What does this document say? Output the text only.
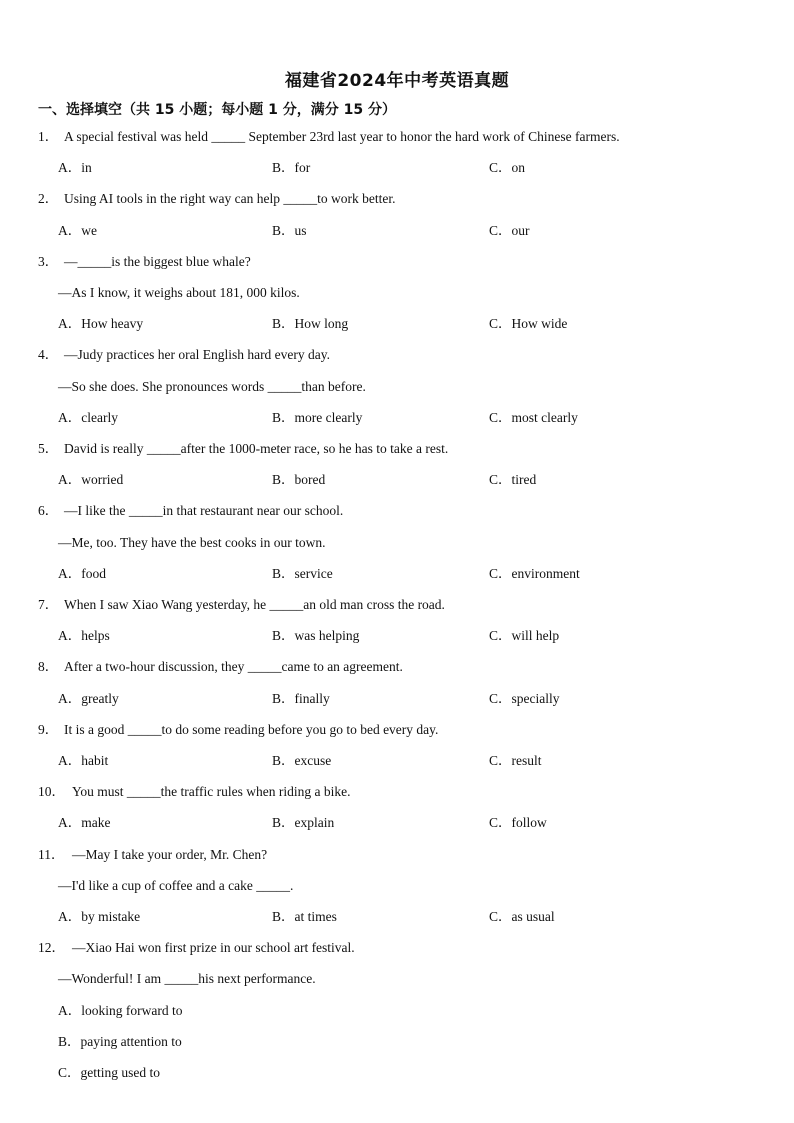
福建省2024年中考英语真题
一、选择填空（共 15 小题；每小题 1 分，满分 15 分）
1． A special festival was held _____ September 23rd last year to honor the hard work of Chinese farmers.
A．in	B．for	C．on
2． Using AI tools in the right way can help _____to work better.
A．we	B．us	C．our
3． —_____is the biggest blue whale?
—As I know, it weighs about 181, 000 kilos.
A．How heavy	B．How long	C．How wide
4． —Judy practices her oral English hard every day.
—So she does. She pronounces words _____than before.
A．clearly	B．more clearly	C．most clearly
5． David is really _____after the 1000-meter race, so he has to take a rest.
A．worried	B．bored	C．tired
6． —I like the _____in that restaurant near our school.
—Me, too. They have the best cooks in our town.
A．food	B．service	C．environment
7． When I saw Xiao Wang yesterday, he _____an old man cross the road.
A．helps	B．was helping	C．will help
8． After a two-hour discussion, they _____came to an agreement.
A．greatly	B．finally	C．specially
9． It is a good _____to do some reading before you go to bed every day.
A．habit	B．excuse	C．result
10． You must _____the traffic rules when riding a bike.
A．make	B．explain	C．follow
11． —May I take your order, Mr. Chen?
—I'd like a cup of coffee and a cake _____.
A．by mistake	B．at times	C．as usual
12． —Xiao Hai won first prize in our school art festival.
—Wonderful! I am _____his next performance.
A．looking forward to
B．paying attention to
C．getting used to
